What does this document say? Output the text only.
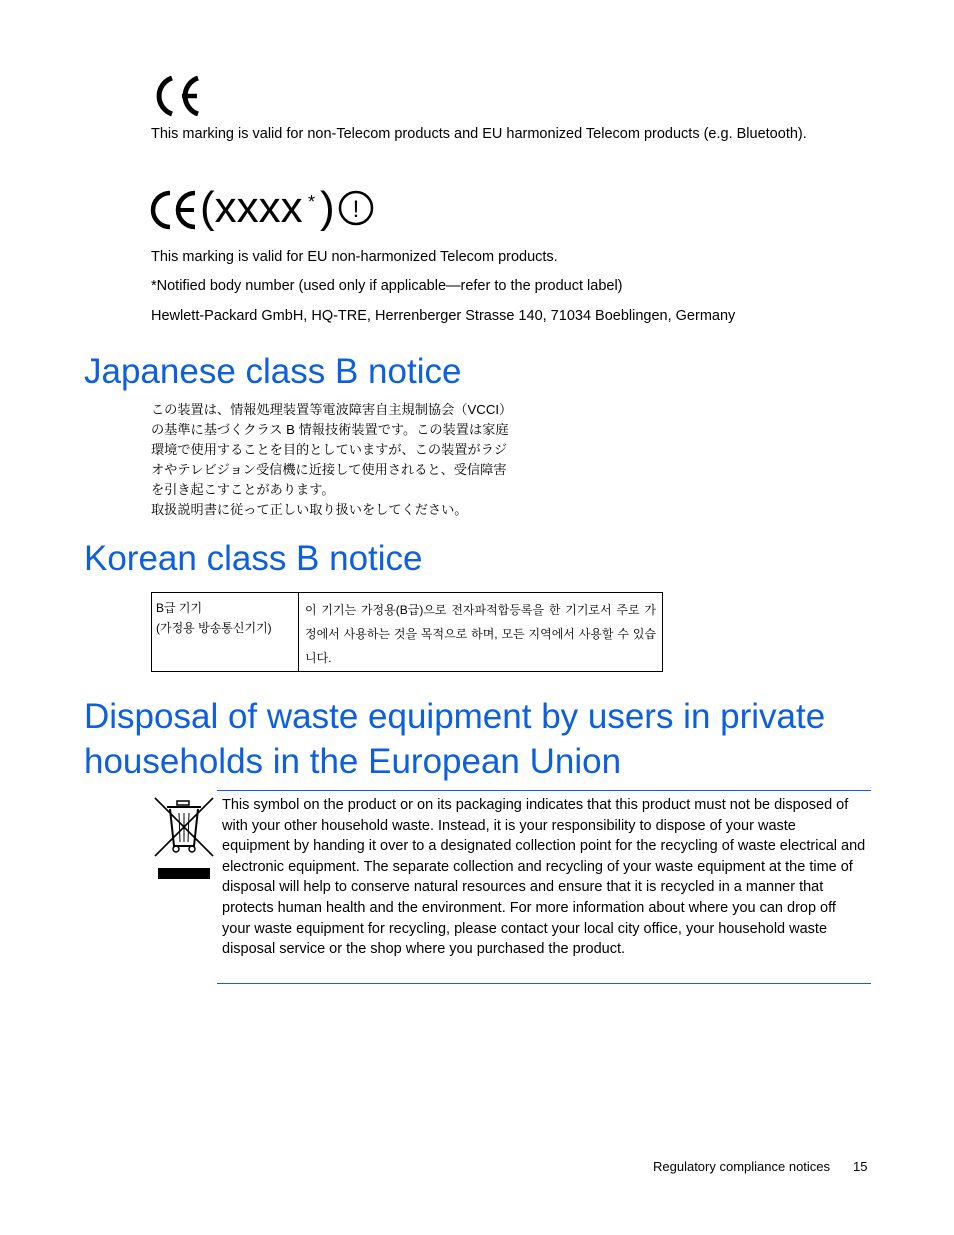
This marking is valid for non-Telecom products and EU harmonized Telecom products (e.g. Bluetooth).
(xxxx * ) !
This marking is valid for EU non-harmonized Telecom products.
*Notified body number (used only if applicable—refer to the product label)
Hewlett-Packard GmbH, HQ-TRE, Herrenberger Strasse 140, 71034 Boeblingen, Germany
Japanese class B notice
この装置は、情報処理装置等電波障害自主規制協会（VCCI）
の基準に基づくクラス B 情報技術装置です。この装置は家庭
環境で使用することを目的としていますが、この装置がラジ
オやテレビジョン受信機に近接して使用されると、受信障害
を引き起こすことがあります。
取扱説明書に従って正しい取り扱いをしてください。
Korean class B notice
B급 기기
(가정용 방송통신기기)
	이 기기는 가정용(B급)으로 전자파적합등록을 한 기기로서 주로 가정에서 사용하는 것을 목적으로 하며, 모든 지역에서 사용할 수 있습니다.
Disposal of waste equipment by users in private
households in the European Union
This symbol on the product or on its packaging indicates that this product must not be disposed of with your other household waste. Instead, it is your responsibility to dispose of your waste equipment by handing it over to a designated collection point for the recycling of waste electrical and electronic equipment. The separate collection and recycling of your waste equipment at the time of disposal will help to conserve natural resources and ensure that it is recycled in a manner that protects human health and the environment. For more information about where you can drop off your waste equipment for recycling, please contact your local city office, your household waste disposal service or the shop where you purchased the product.
Regulatory compliance notices 15
